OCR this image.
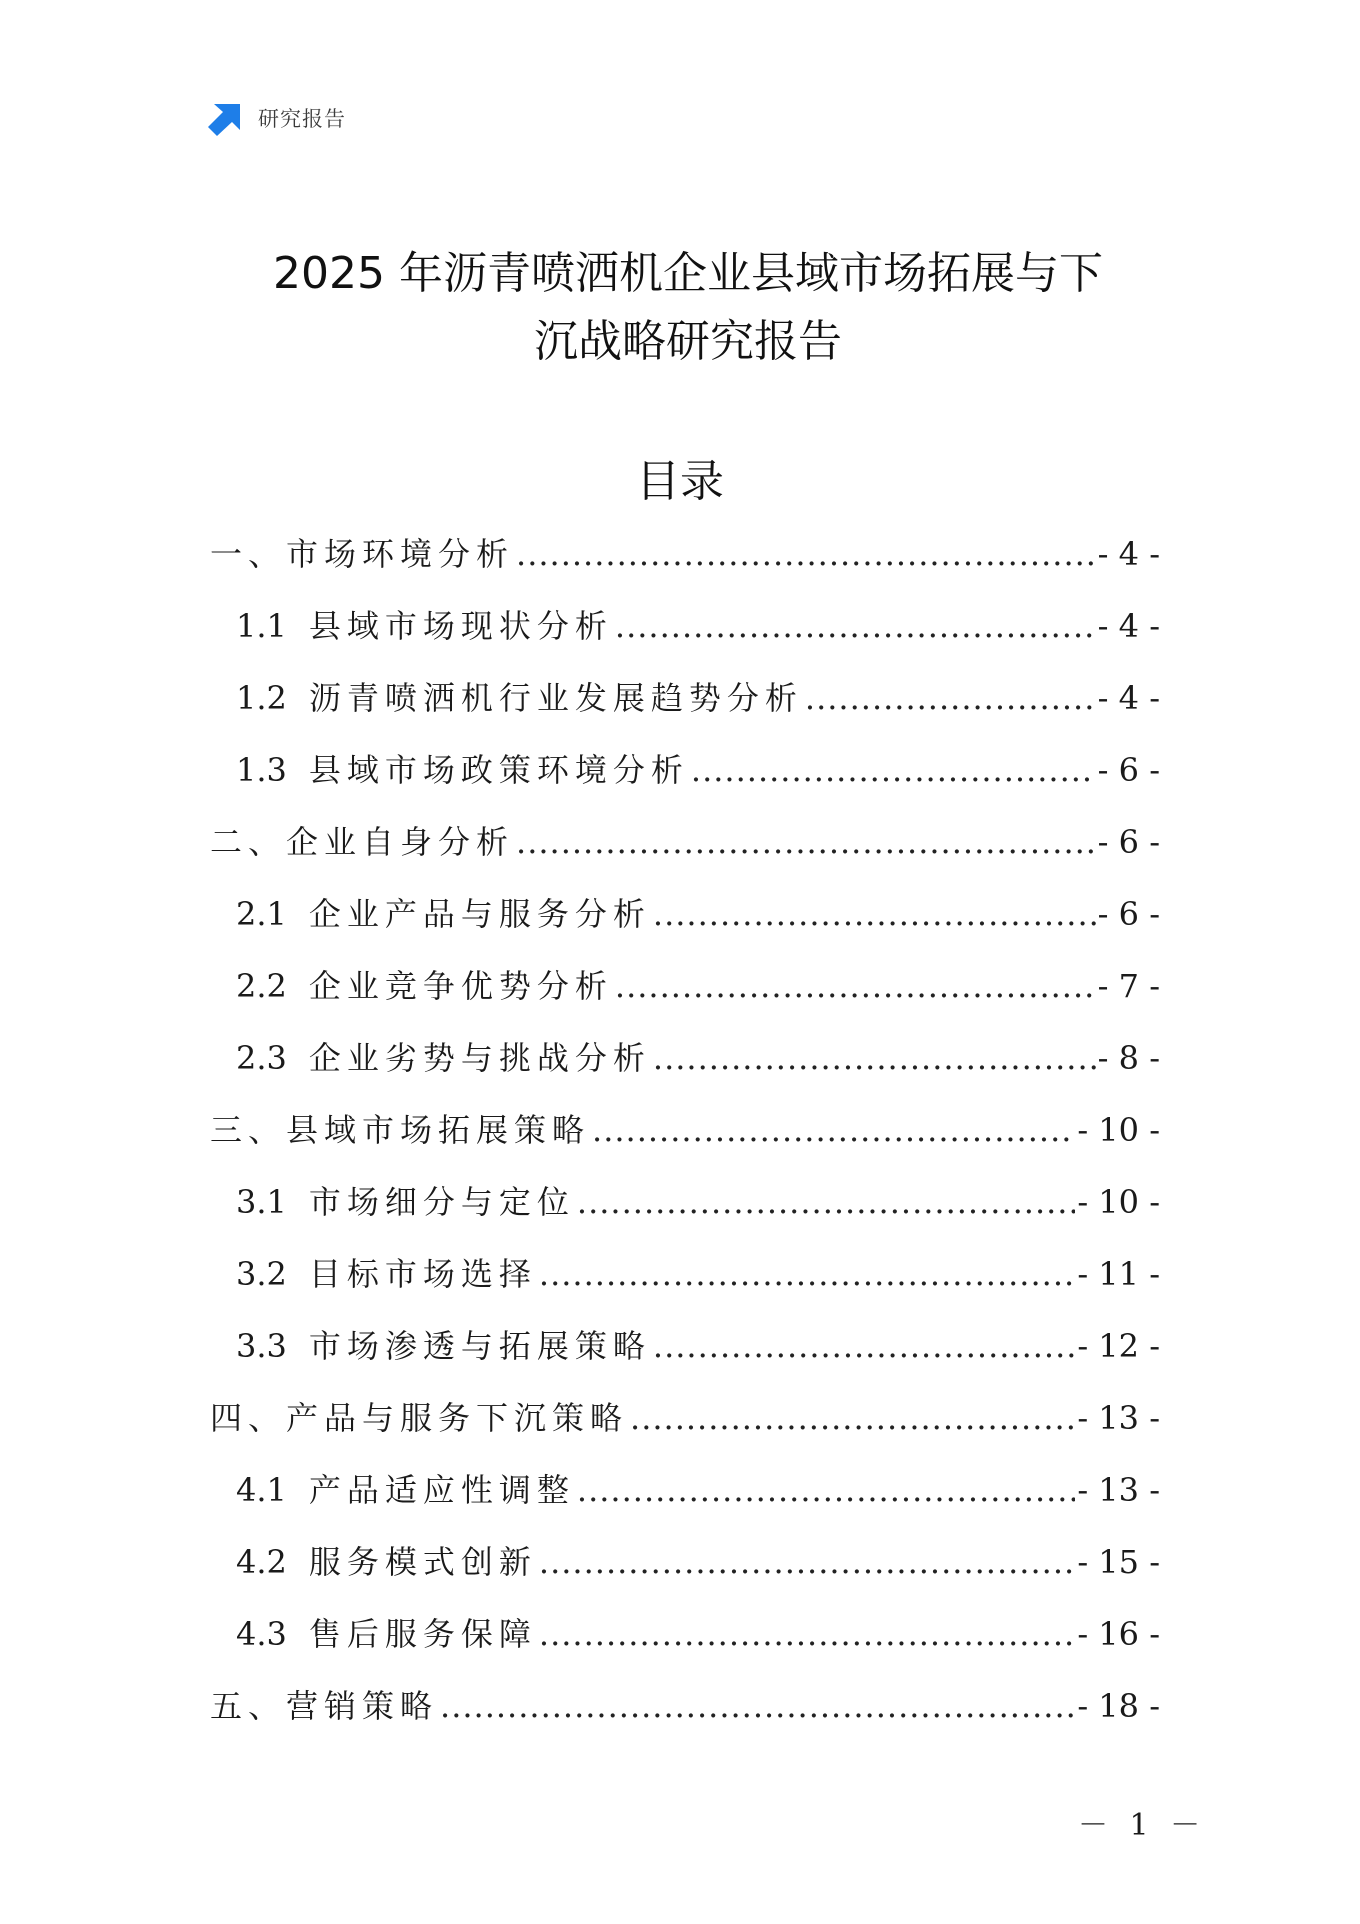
研究报告
2025 年沥青喷洒机企业县域市场拓展与下
沉战略研究报告
目录
一、市场环境分析 .....	- 4 -
1.1 县域市场现状分析 .....	- 4 -
1.2 沥青喷洒机行业发展趋势分析 .....	- 4 -
1.3 县域市场政策环境分析 .....	- 6 -
二、企业自身分析 .....	- 6 -
2.1 企业产品与服务分析 .....	- 6 -
2.2 企业竞争优势分析 .....	- 7 -
2.3 企业劣势与挑战分析 .....	- 8 -
三、县域市场拓展策略 .....	- 10 -
3.1 市场细分与定位 .....	- 10 -
3.2 目标市场选择 .....	- 11 -
3.3 市场渗透与拓展策略 .....	- 12 -
四、产品与服务下沉策略 .....	- 13 -
4.1 产品适应性调整 .....	- 13 -
4.2 服务模式创新 .....	- 15 -
4.3 售后服务保障 .....	- 16 -
五、营销策略 .....	- 18 -
－ 1 －
